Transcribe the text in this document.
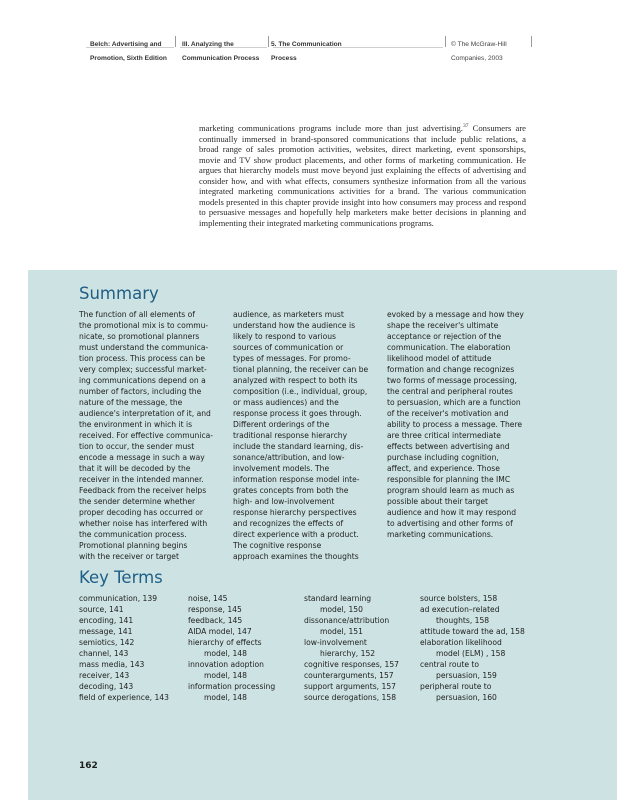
Belch: Advertising and
Promotion, Sixth Edition
III. Analyzing the
Communication Process
5. The Communication
Process
© The McGraw-Hill
Companies, 2003

marketing communications programs include more than just advertising.$^{37}$ Consumers are continually immersed in brand-sponsored communications that include public relations, a broad range of sales promotion activities, websites, direct marketing, event sponsorships, movie and TV show product placements, and other forms of marketing communication. He argues that hierarchy models must move beyond just explaining the effects of advertising and consider how, and with what effects, consumers synthesize information from all the various integrated marketing communications activities for a brand. The various communication models presented in this chapter provide insight into how consumers may process and respond to persuasive messages and hopefully help marketers make better decisions in planning and implementing their integrated marketing communications programs.

Summary

The function of all elements of
the promotional mix is to commu-
nicate, so promotional planners
must understand the communica-
tion process. This process can be
very complex; successful market-
ing communications depend on a
number of factors, including the
nature of the message, the
audience's interpretation of it, and
the environment in which it is
received. For effective communica-
tion to occur, the sender must
encode a message in such a way
that it will be decoded by the
receiver in the intended manner.
Feedback from the receiver helps
the sender determine whether
proper decoding has occurred or
whether noise has interfered with
the communication process.

Promotional planning begins
with the receiver or target

audience, as marketers must
understand how the audience is
likely to respond to various
sources of communication or
types of messages. For promo-
tional planning, the receiver can be
analyzed with respect to both its
composition (i.e., individual, group,
or mass audiences) and the
response process it goes through.
Different orderings of the
traditional response hierarchy
include the standard learning, dis-
sonance/attribution, and low-
involvement models. The
information response model inte-
grates concepts from both the
high- and low-involvement
response hierarchy perspectives
and recognizes the effects of
direct experience with a product.

The cognitive response
approach examines the thoughts

evoked by a message and how they
shape the receiver's ultimate
acceptance or rejection of the
communication. The elaboration
likelihood model of attitude
formation and change recognizes
two forms of message processing,
the central and peripheral routes
to persuasion, which are a function
of the receiver's motivation and
ability to process a message. There
are three critical intermediate
effects between advertising and
purchase including cognition,
affect, and experience. Those
responsible for planning the IMC
program should learn as much as
possible about their target
audience and how it may respond
to advertising and other forms of
marketing communications.

Key Terms
communication, 139
source, 141
encoding, 141
message, 141
semiotics, 142
channel, 143
mass media, 143
receiver, 143
decoding, 143
field of experience, 143
noise, 145
response, 145
feedback, 145
AIDA model, 147
hierarchy of effects
model, 148
innovation adoption
model, 148
information processing
model, 148
standard learning
model, 150
dissonance/attribution
model, 151
low-involvement
hierarchy, 152
cognitive responses, 157
counterarguments, 157
support arguments, 157
source derogations, 158
source bolsters, 158
ad execution–related
thoughts, 158
attitude toward the ad, 158
elaboration likelihood
model (ELM) , 158
central route to
persuasion, 159
peripheral route to
persuasion, 160
162
